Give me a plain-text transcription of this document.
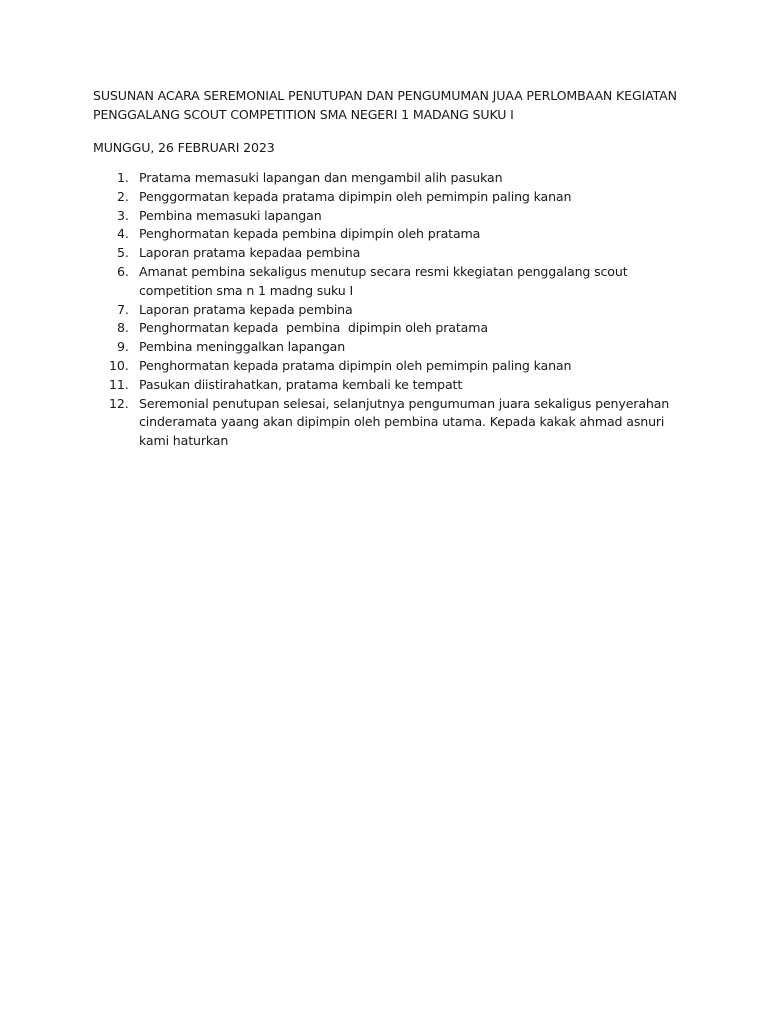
SUSUNAN ACARA SEREMONIAL PENUTUPAN DAN PENGUMUMAN JUAA PERLOMBAAN KEGIATAN PENGGALANG SCOUT COMPETITION SMA NEGERI 1 MADANG SUKU I

MUNGGU, 26 FEBRUARI 2023

1. Pratama memasuki lapangan dan mengambil alih pasukan
2. Penggormatan kepada pratama dipimpin oleh pemimpin paling kanan
3. Pembina memasuki lapangan
4. Penghormatan kepada pembina dipimpin oleh pratama
5. Laporan pratama kepadaa pembina
6. Amanat pembina sekaligus menutup secara resmi kkegiatan penggalang scout competition sma n 1 madng suku I
7. Laporan pratama kepada pembina
8. Penghormatan kepada  pembina  dipimpin oleh pratama
9. Pembina meninggalkan lapangan
10. Penghormatan kepada pratama dipimpin oleh pemimpin paling kanan
11. Pasukan diistirahatkan, pratama kembali ke tempatt
12. Seremonial penutupan selesai, selanjutnya pengumuman juara sekaligus penyerahan cinderamata yaang akan dipimpin oleh pembina utama. Kepada kakak ahmad asnuri kami haturkan
